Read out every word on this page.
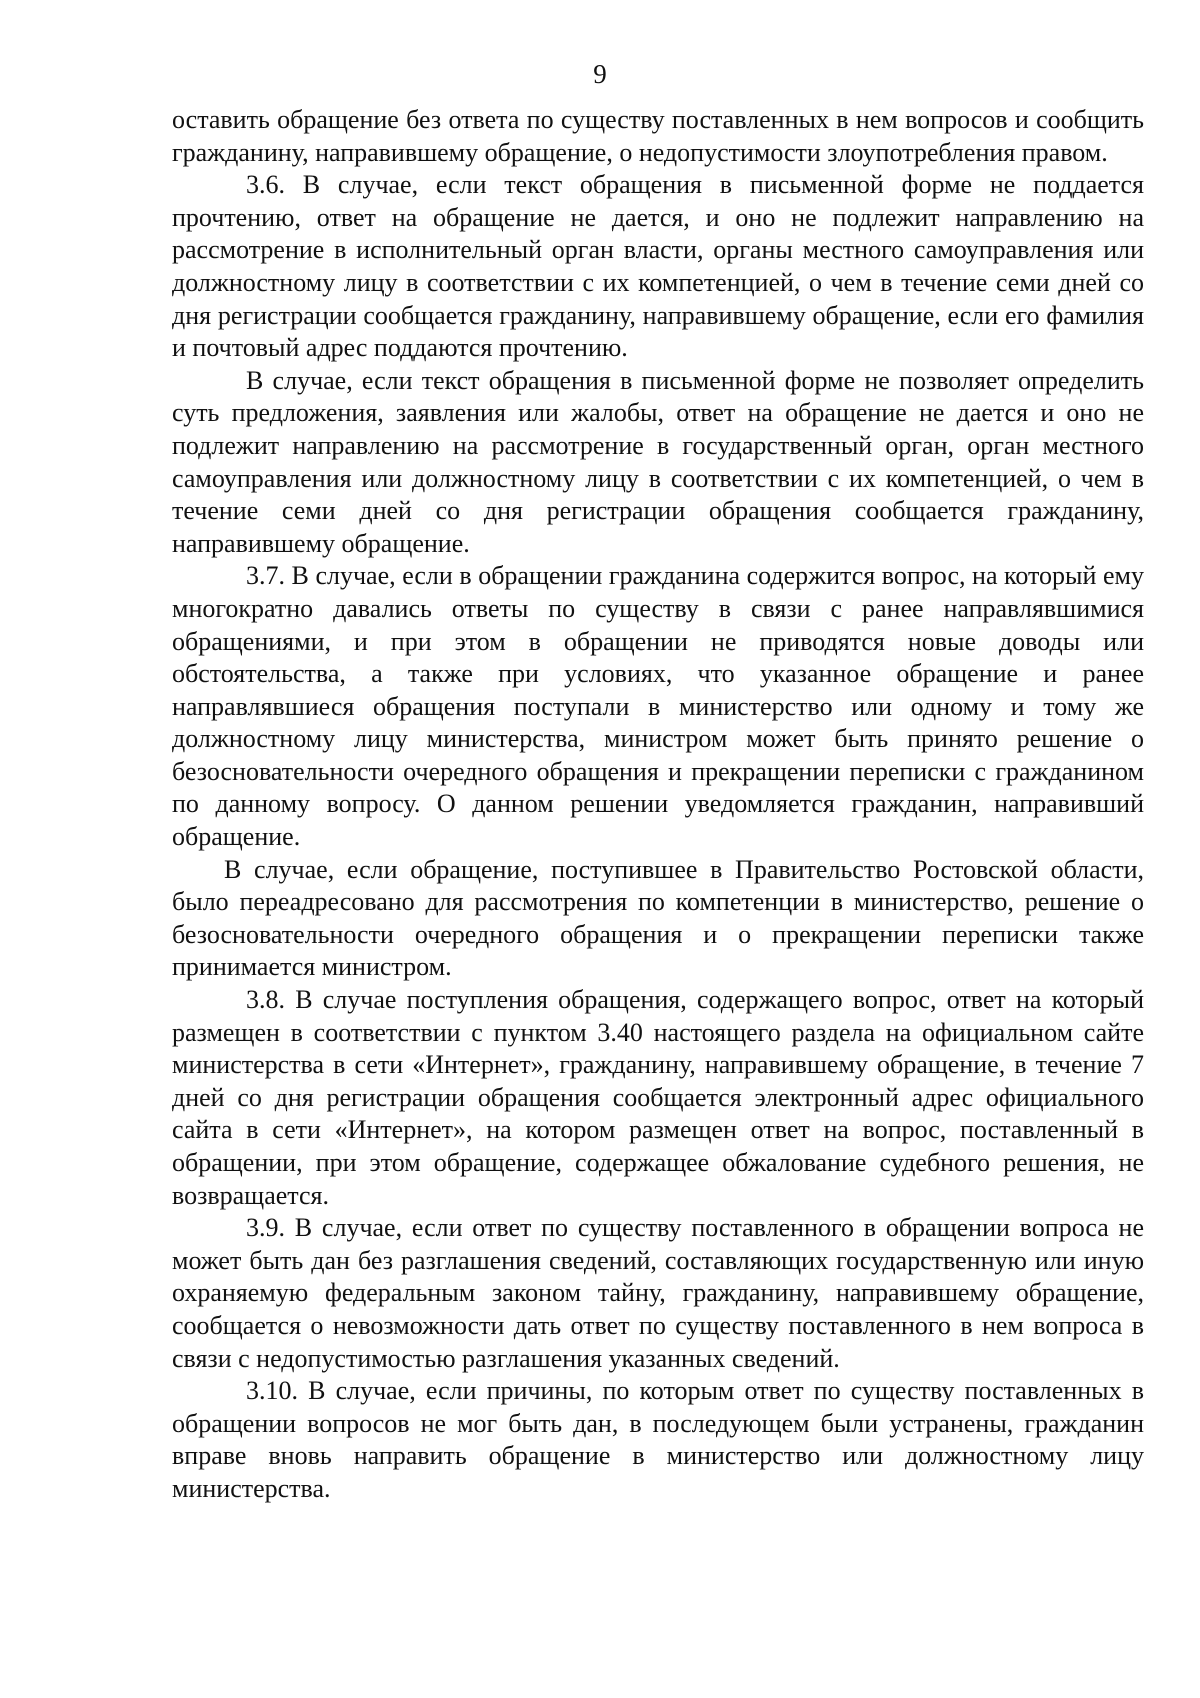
9

оставить обращение без ответа по существу поставленных в нем вопросов и сообщить гражданину, направившему обращение, о недопустимости злоупотребления правом.

3.6. В случае, если текст обращения в письменной форме не поддается прочтению, ответ на обращение не дается, и оно не подлежит направлению на рассмотрение в исполнительный орган власти, органы местного самоуправления или должностному лицу в соответствии с их компетенцией, о чем в течение семи дней со дня регистрации сообщается гражданину, направившему обращение, если его фамилия и почтовый адрес поддаются прочтению.

В случае, если текст обращения в письменной форме не позволяет определить суть предложения, заявления или жалобы, ответ на обращение не дается и оно не подлежит направлению на рассмотрение в государственный орган, орган местного самоуправления или должностному лицу в соответствии с их компетенцией, о чем в течение семи дней со дня регистрации обращения сообщается гражданину, направившему обращение.

3.7. В случае, если в обращении гражданина содержится вопрос, на который ему многократно давались ответы по существу в связи с ранее направлявшимися обращениями, и при этом в обращении не приводятся новые доводы или обстоятельства, а также при условиях, что указанное обращение и ранее направлявшиеся обращения поступали в министерство или одному и тому же должностному лицу министерства, министром может быть принято решение о безосновательности очередного обращения и прекращении переписки с гражданином по данному вопросу. О данном решении уведомляется гражданин, направивший обращение.

В случае, если обращение, поступившее в Правительство Ростовской области, было переадресовано для рассмотрения по компетенции в министерство, решение о безосновательности очередного обращения и о прекращении переписки также принимается министром.

3.8. В случае поступления обращения, содержащего вопрос, ответ на который размещен в соответствии с пунктом 3.40 настоящего раздела на официальном сайте министерства в сети «Интернет», гражданину, направившему обращение, в течение 7 дней со дня регистрации обращения сообщается электронный адрес официального сайта в сети «Интернет», на котором размещен ответ на вопрос, поставленный в обращении, при этом обращение, содержащее обжалование судебного решения, не возвращается.

3.9. В случае, если ответ по существу поставленного в обращении вопроса не может быть дан без разглашения сведений, составляющих государственную или иную охраняемую федеральным законом тайну, гражданину, направившему обращение, сообщается о невозможности дать ответ по существу поставленного в нем вопроса в связи с недопустимостью разглашения указанных сведений.

3.10. В случае, если причины, по которым ответ по существу поставленных в обращении вопросов не мог быть дан, в последующем были устранены, гражданин вправе вновь направить обращение в министерство или должностному лицу министерства.
